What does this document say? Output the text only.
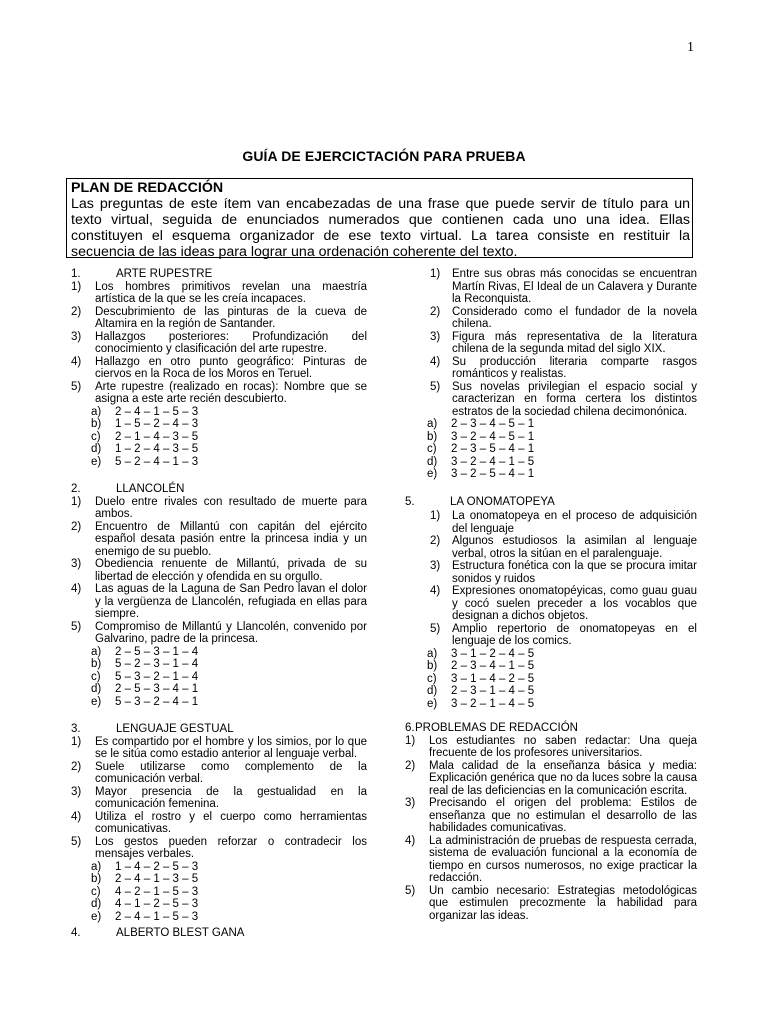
1
GUÍA DE EJERCICTACIÓN PARA PRUEBA
PLAN DE REDACCIÓN
Las preguntas de este ítem van encabezadas de una frase que puede servir de título para un texto virtual, seguida de enunciados numerados que contienen cada uno una idea. Ellas constituyen el esquema organizador de ese texto virtual. La tarea consiste en restituir la secuencia de las ideas para lograr una ordenación coherente del texto.
1.	ARTE RUPESTRE
1)	Los hombres primitivos revelan una maestría artística de la que se les creía incapaces.
2)	Descubrimiento de las pinturas de la cueva de Altamira en la región de Santander.
3)	Hallazgos posteriores: Profundización del conocimiento y clasificación del arte rupestre.
4)	Hallazgo en otro punto geográfico: Pinturas de ciervos en la Roca de los Moros en Teruel.
5)	Arte rupestre (realizado en rocas): Nombre que se asigna a este arte recién descubierto.
a)	2 – 4 – 1 – 5 – 3
b)	1 – 5 – 2 – 4 – 3
c)	2 – 1 – 4 – 3 – 5
d)	1 – 2 – 4 – 3 – 5
e)	5 – 2 – 4 – 1 – 3
2.	LLANCOLÉN
1)	Duelo entre rivales con resultado de muerte para ambos.
2)	Encuentro de Millantú con capitán del ejército español desata pasión entre la princesa india y un enemigo de su pueblo.
3)	Obediencia renuente de Millantú, privada de su libertad de elección y ofendida en su orgullo.
4)	Las aguas de la Laguna de San Pedro lavan el dolor y la vergüenza de Llancolén, refugiada en ellas para siempre.
5)	Compromiso de Millantú y Llancolén, convenido por Galvarino, padre de la princesa.
a)	2 – 5 – 3 – 1 – 4
b)	5 – 2 – 3 – 1 – 4
c)	5 – 3 – 2 – 1 – 4
d)	2 – 5 – 3 – 4 – 1
e)	5 – 3 – 2 – 4 – 1
3.	LENGUAJE GESTUAL
1)	Es compartido por el hombre y los simios, por lo que se le sitúa como estadio anterior al lenguaje verbal.
2)	Suele utilizarse como complemento de la comunicación verbal.
3)	Mayor presencia de la gestualidad en la comunicación femenina.
4)	Utiliza el rostro y el cuerpo como herramientas comunicativas.
5)	Los gestos pueden reforzar o contradecir los mensajes verbales.
a)	1 – 4 – 2 – 5 – 3
b)	2 – 4 – 1 – 3 – 5
c)	4 – 2 – 1 – 5 – 3
d)	4 – 1 – 2 – 5 – 3
e)	2 – 4 – 1 – 5 – 3
4.	ALBERTO BLEST GANA
1)	Entre sus obras más conocidas se encuentran Martín Rivas, El Ideal de un Calavera y Durante la Reconquista.
2)	Considerado como el fundador de la novela chilena.
3)	Figura más representativa de la literatura chilena de la segunda mitad del siglo XIX.
4)	Su producción literaria comparte rasgos románticos y realistas.
5)	Sus novelas privilegian el espacio social y caracterizan en forma certera los distintos estratos de la sociedad chilena decimonónica.
a)	2 – 3 – 4 – 5 – 1
b)	3 – 2 – 4 – 5 – 1
c)	2 – 3 – 5 – 4 – 1
d)	3 – 2 – 4 – 1 – 5
e)	3 – 2 – 5 – 4 – 1
5.	LA ONOMATOPEYA
1)	La onomatopeya en el proceso de adquisición del lenguaje
2)	Algunos estudiosos la asimilan al lenguaje verbal, otros la sitúan en el paralenguaje.
3)	Estructura fonética con la que se procura imitar sonidos y ruidos
4)	Expresiones onomatopéyicas, como guau guau y cocó suelen preceder a los vocablos que designan a dichos objetos.
5)	Amplio repertorio de onomatopeyas en el lenguaje de los comics.
a)	3 – 1 – 2 – 4 – 5
b)	2 – 3 – 4 – 1 – 5
c)	3 – 1 – 4 – 2 – 5
d)	2 – 3 – 1 – 4 – 5
e)	3 – 2 – 1 – 4 – 5
6. PROBLEMAS DE REDACCIÓN
1)	Los estudiantes no saben redactar: Una queja frecuente de los profesores universitarios.
2)	Mala calidad de la enseñanza básica y media: Explicación genérica que no da luces sobre la causa real de las deficiencias en la comunicación escrita.
3)	Precisando el origen del problema: Estilos de enseñanza que no estimulan el desarrollo de las habilidades comunicativas.
4)	La administración de pruebas de respuesta cerrada, sistema de evaluación funcional a la economía de tiempo en cursos numerosos, no exige practicar la redacción.
5)	Un cambio necesario: Estrategias metodológicas que estimulen precozmente la habilidad para organizar las ideas.
